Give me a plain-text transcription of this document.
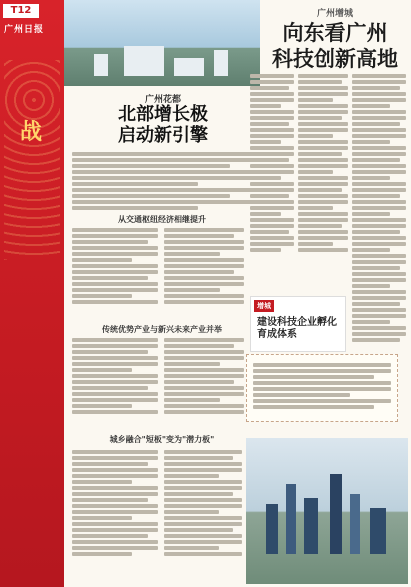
T12
广州日报
战
广州增城
向东看广州
科技创新高地
广州花都
北部增长极
启动新引擎
从交通枢纽经济相继提升
传统优势产业与新兴未来产业并举
城乡融合"短板"变为"潜力板"
增城
建设科技企业孵化育成体系
